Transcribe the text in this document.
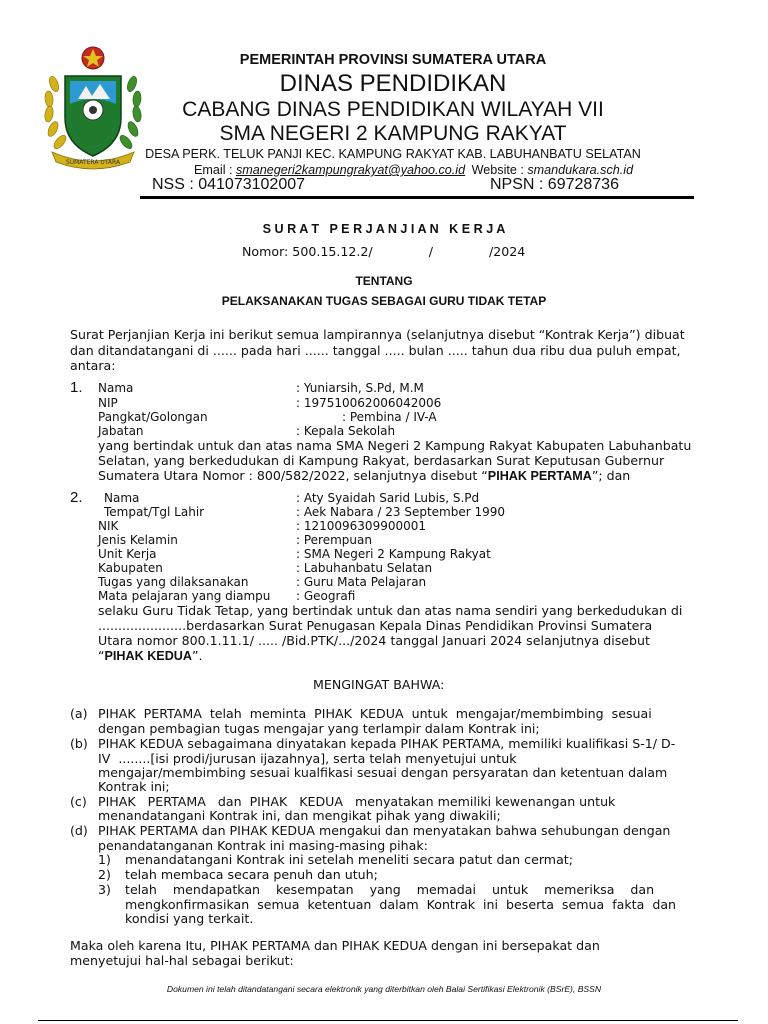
SUMATERA UTARA
PEMERINTAH PROVINSI SUMATERA UTARA
DINAS PENDIDIKAN
CABANG DINAS PENDIDIKAN WILAYAH VII
SMA NEGERI 2 KAMPUNG RAKYAT
DESA PERK. TELUK PANJI KEC. KAMPUNG RAKYAT KAB. LABUHANBATU SELATAN
Email : smanegeri2kampungrakyat@yahoo.co.id Website : smandukara.sch.id
NSS : 041073102007	NPSN : 69728736
S U R A T   P E R J A N J I A N   K E R J A
Nomor: 500.15.12.2/              /              /2024
TENTANG
PELAKSANAKAN TUGAS SEBAGAI GURU TIDAK TETAP
Surat Perjanjian Kerja ini berikut semua lampirannya (selanjutnya disebut “Kontrak Kerja”) dibuat
dan ditandatangani di ...... pada hari ...... tanggal ..... bulan ..... tahun dua ribu dua puluh empat,
antara:
1. Nama	: Yuniarsih, S.Pd, M.M
NIP	: 197510062006042006
Pangkat/Golongan	: Pembina / IV-A
Jabatan	: Kepala Sekolah
yang bertindak untuk dan atas nama SMA Negeri 2 Kampung Rakyat Kabupaten Labuhanbatu
Selatan, yang berkedudukan di Kampung Rakyat, berdasarkan Surat Keputusan Gubernur
Sumatera Utara Nomor : 800/582/2022, selanjutnya disebut “PIHAK PERTAMA”; dan
2. Nama	: Aty Syaidah Sarid Lubis, S.Pd
Tempat/Tgl Lahir	: Aek Nabara / 23 September 1990
NIK	: 1210096309900001
Jenis Kelamin	: Perempuan
Unit Kerja	: SMA Negeri 2 Kampung Rakyat
Kabupaten	: Labuhanbatu Selatan
Tugas yang dilaksanakan	: Guru Mata Pelajaran
Mata pelajaran yang diampu : Geografi
selaku Guru Tidak Tetap, yang bertindak untuk dan atas nama sendiri yang berkedudukan di
......................berdasarkan Surat Penugasan Kepala Dinas Pendidikan Provinsi Sumatera
Utara nomor 800.1.11.1/ ..... /Bid.PTK/.../2024 tanggal Januari 2024 selanjutnya disebut
“PIHAK KEDUA”.
MENGINGAT BAHWA:
(a) PIHAK  PERTAMA  telah  meminta  PIHAK  KEDUA  untuk  mengajar/membimbing  sesuai
dengan pembagian tugas mengajar yang terlampir dalam Kontrak ini;
(b) PIHAK KEDUA sebagaimana dinyatakan kepada PIHAK PERTAMA, memiliki kualifikasi S-1/ D-
IV  ........[isi prodi/jurusan ijazahnya], serta telah menyetujui untuk
mengajar/membimbing sesuai kualfikasi sesuai dengan persyaratan dan ketentuan dalam
Kontrak ini;
(c) PIHAK   PERTAMA   dan  PIHAK   KEDUA   menyatakan memiliki kewenangan untuk
menandatangani Kontrak ini, dan mengikat pihak yang diwakili;
(d) PIHAK PERTAMA dan PIHAK KEDUA mengakui dan menyatakan bahwa sehubungan dengan
penandatanganan Kontrak ini masing-masing pihak:
1) menandatangani Kontrak ini setelah meneliti secara patut dan cermat;
2) telah membaca secara penuh dan utuh;
3) telah    mendapatkan    kesempatan    yang    memadai    untuk    memeriksa    dan
mengkonfirmasikan  semua  ketentuan  dalam  Kontrak  ini  beserta  semua  fakta  dan
kondisi yang terkait.
Maka oleh karena Itu, PIHAK PERTAMA dan PIHAK KEDUA dengan ini bersepakat dan
menyetujui hal-hal sebagai berikut:
Dokumen ini telah ditandatangani secara elektronik yang diterbitkan oleh Balai Sertifikasi Elektronik (BSrE), BSSN
